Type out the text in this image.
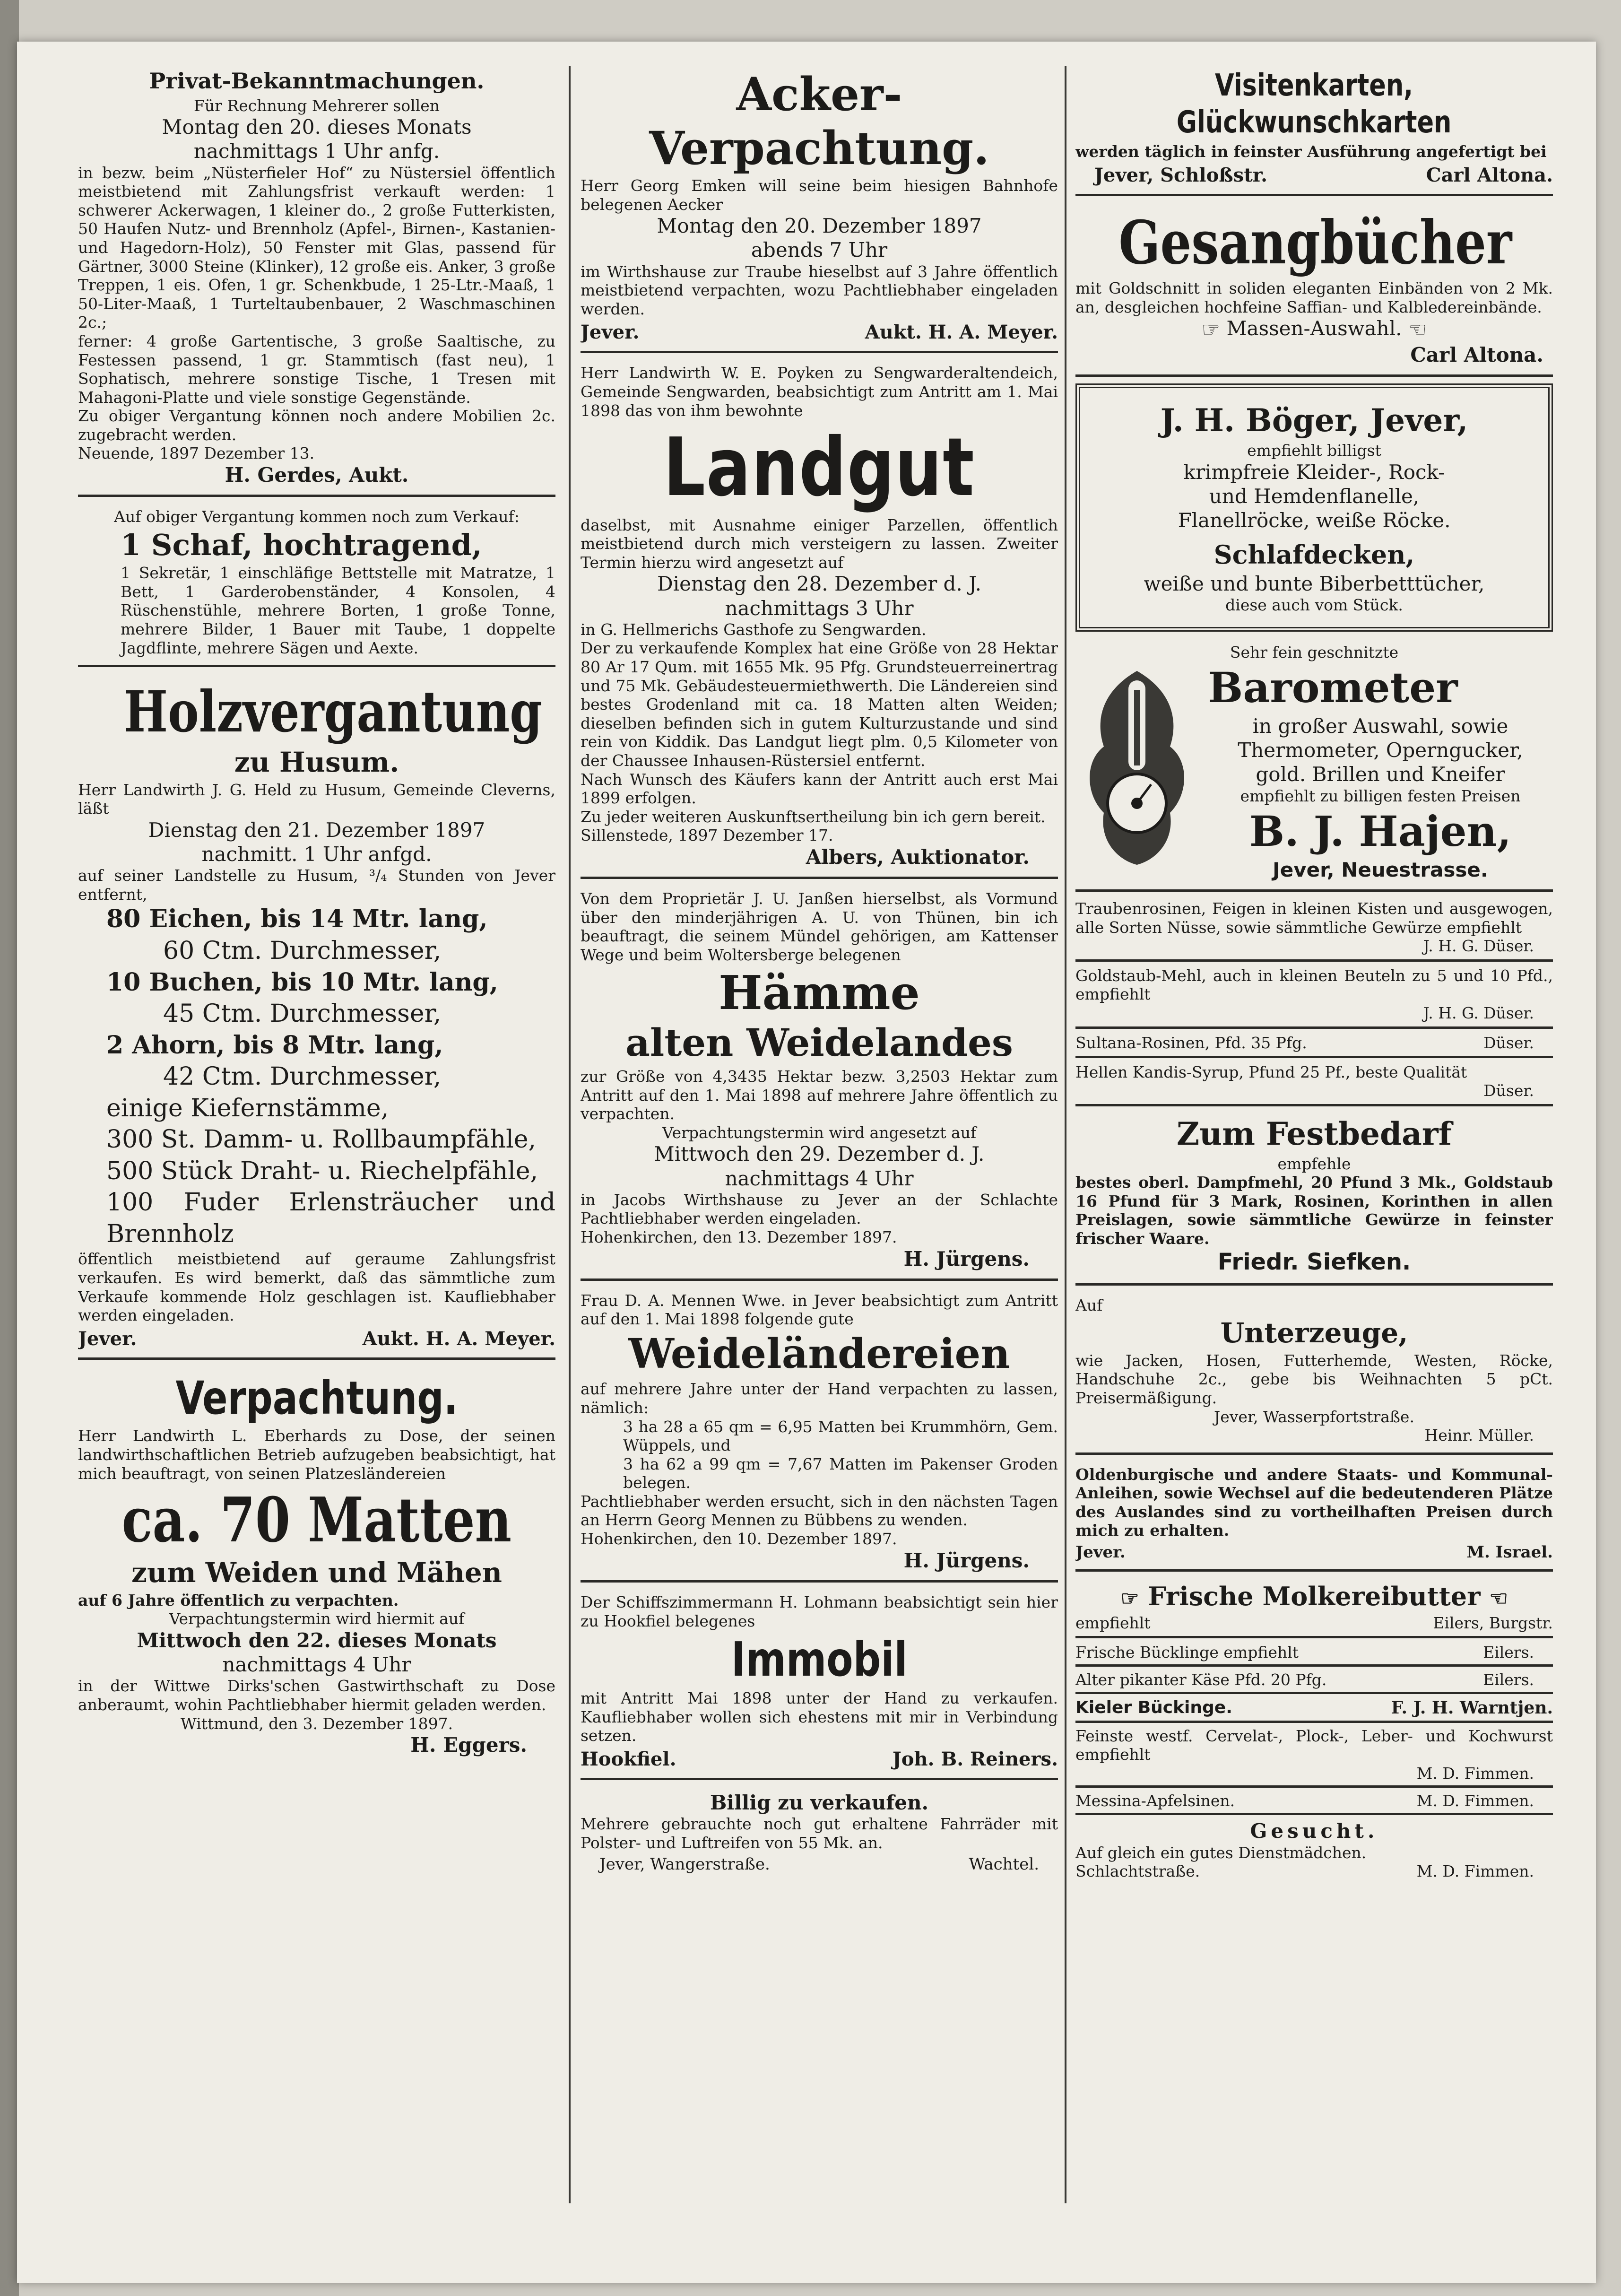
Privat-Bekanntmachungen.

Für Rechnung Mehrerer sollen

Montag den 20. dieses Monats

nachmittags 1 Uhr anfg.

in bezw. beim „Nüsterfieler Hof“ zu Nüstersiel öffentlich meistbietend mit Zahlungsfrist verkauft werden: 1 schwerer Ackerwagen, 1 kleiner do., 2 große Futterkisten, 50 Haufen Nutz- und Brennholz (Apfel-, Birnen-, Kastanien- und Hagedorn-Holz), 50 Fenster mit Glas, passend für Gärtner, 3000 Steine (Klinker), 12 große eis. Anker, 3 große Treppen, 1 eis. Ofen, 1 gr. Schenkbude, 1 25-Ltr.-Maaß, 1 50-Liter-Maaß, 1 Turteltaubenbauer, 2 Waschmaschinen 2c.;

ferner: 4 große Gartentische, 3 große Saaltische, zu Festessen passend, 1 gr. Stammtisch (fast neu), 1 Sophatisch, mehrere sonstige Tische, 1 Tresen mit Mahagoni-Platte und viele sonstige Gegenstände.

Zu obiger Vergantung können noch andere Mobilien 2c. zugebracht werden.

Neuende, 1897 Dezember 13.

H. Gerdes, Aukt.

Auf obiger Vergantung kommen noch zum Verkauf:

1 Schaf, hochtragend,

1 Sekretär, 1 einschläfige Bettstelle mit Matratze, 1 Bett, 1 Garderobenständer, 4 Konsolen, 4 Rüschenstühle, mehrere Borten, 1 große Tonne, mehrere Bilder, 1 Bauer mit Taube, 1 doppelte Jagdflinte, mehrere Sägen und Aexte.

Holzvergantung
zu Husum.

Herr Landwirth J. G. Held zu Husum, Gemeinde Cleverns, läßt

Dienstag den 21. Dezember 1897

nachmitt. 1 Uhr anfgd.

auf seiner Landstelle zu Husum, ³/₄ Stunden von Jever entfernt,

80 Eichen, bis 14 Mtr. lang,

60 Ctm. Durchmesser,

10 Buchen, bis 10 Mtr. lang,

45 Ctm. Durchmesser,

2 Ahorn, bis 8 Mtr. lang,

42 Ctm. Durchmesser,

einige Kiefernstämme,

300 St. Damm- u. Rollbaumpfähle,

500 Stück Draht- u. Riechelpfähle,

100 Fuder Erlensträucher und Brennholz

öffentlich meistbietend auf geraume Zahlungsfrist verkaufen. Es wird bemerkt, daß das sämmtliche zum Verkaufe kommende Holz geschlagen ist. Kaufliebhaber werden eingeladen.

Jever.	Aukt. H. A. Meyer.
Verpachtung.

Herr Landwirth L. Eberhards zu Dose, der seinen landwirthschaftlichen Betrieb aufzugeben beabsichtigt, hat mich beauftragt, von seinen Platzesländereien

ca. 70 Matten
zum Weiden und Mähen

auf 6 Jahre öffentlich zu verpachten.

Verpachtungstermin wird hiermit auf

Mittwoch den 22. dieses Monats

nachmittags 4 Uhr

in der Wittwe Dirks'schen Gastwirthschaft zu Dose anberaumt, wohin Pachtliebhaber hiermit geladen werden.

Wittmund, den 3. Dezember 1897.

H. Eggers.

Acker-
Verpachtung.

Herr Georg Emken will seine beim hiesigen Bahnhofe belegenen Aecker

Montag den 20. Dezember 1897

abends 7 Uhr

im Wirthshause zur Traube hieselbst auf 3 Jahre öffentlich meistbietend verpachten, wozu Pachtliebhaber eingeladen werden.

Jever.	Aukt. H. A. Meyer.

Herr Landwirth W. E. Poyken zu Sengwarderaltendeich, Gemeinde Sengwarden, beabsichtigt zum Antritt am 1. Mai 1898 das von ihm bewohnte

Landgut

daselbst, mit Ausnahme einiger Parzellen, öffentlich meistbietend durch mich versteigern zu lassen. Zweiter Termin hierzu wird angesetzt auf

Dienstag den 28. Dezember d. J.

nachmittags 3 Uhr

in G. Hellmerichs Gasthofe zu Sengwarden.

Der zu verkaufende Komplex hat eine Größe von 28 Hektar 80 Ar 17 Qum. mit 1655 Mk. 95 Pfg. Grundsteuerreinertrag und 75 Mk. Gebäudesteuermiethwerth. Die Ländereien sind bestes Grodenland mit ca. 18 Matten alten Weiden; dieselben befinden sich in gutem Kulturzustande und sind rein von Kiddik. Das Landgut liegt plm. 0,5 Kilometer von der Chaussee Inhausen-Rüstersiel entfernt.

Nach Wunsch des Käufers kann der Antritt auch erst Mai 1899 erfolgen.

Zu jeder weiteren Auskunftsertheilung bin ich gern bereit.

Sillenstede, 1897 Dezember 17.

Albers, Auktionator.

Von dem Proprietär J. U. Janßen hierselbst, als Vormund über den minderjährigen A. U. von Thünen, bin ich beauftragt, die seinem Mündel gehörigen, am Kattenser Wege und beim Woltersberge belegenen

Hämme
alten Weidelandes

zur Größe von 4,3435 Hektar bezw. 3,2503 Hektar zum Antritt auf den 1. Mai 1898 auf mehrere Jahre öffentlich zu verpachten.

Verpachtungstermin wird angesetzt auf

Mittwoch den 29. Dezember d. J.

nachmittags 4 Uhr

in Jacobs Wirthshause zu Jever an der Schlachte Pachtliebhaber werden eingeladen.

Hohenkirchen, den 13. Dezember 1897.

H. Jürgens.

Frau D. A. Mennen Wwe. in Jever beabsichtigt zum Antritt auf den 1. Mai 1898 folgende gute

Weideländereien

auf mehrere Jahre unter der Hand verpachten zu lassen, nämlich:

3 ha 28 a 65 qm = 6,95 Matten bei Krummhörn, Gem. Wüppels, und

3 ha 62 a 99 qm = 7,67 Matten im Pakenser Groden belegen.

Pachtliebhaber werden ersucht, sich in den nächsten Tagen an Herrn Georg Mennen zu Bübbens zu wenden.

Hohenkirchen, den 10. Dezember 1897.

H. Jürgens.

Der Schiffszimmermann H. Lohmann beabsichtigt sein hier zu Hookfiel belegenes

Immobil

mit Antritt Mai 1898 unter der Hand zu verkaufen. Kaufliebhaber wollen sich ehestens mit mir in Verbindung setzen.

Hookfiel.	Joh. B. Reiners.

Billig zu verkaufen.

Mehrere gebrauchte noch gut erhaltene Fahrräder mit Polster- und Luftreifen von 55 Mk. an.

Jever, Wangerstraße.	Wachtel.
Visitenkarten,
Glückwunschkarten

werden täglich in feinster Ausführung angefertigt bei

Jever, Schloßstr.	Carl Altona.
Gesangbücher

mit Goldschnitt in soliden eleganten Einbänden von 2 Mk. an, desgleichen hochfeine Saffian- und Kalbledereinbände.

☞ Massen-Auswahl. ☜

Carl Altona.

J. H. Böger, Jever,

empfiehlt billigst

krimpfreie Kleider-, Rock-

und Hemdenflanelle,

Flanellröcke, weiße Röcke.

Schlafdecken,

weiße und bunte Biberbetttücher,

diese auch vom Stück.

Sehr fein geschnitzte

Barometer

in großer Auswahl, sowie

Thermometer, Operngucker,

gold. Brillen und Kneifer

empfiehlt zu billigen festen Preisen

B. J. Hajen,

Jever, Neuestrasse.

Traubenrosinen, Feigen in kleinen Kisten und ausgewogen, alle Sorten Nüsse, sowie sämmtliche Gewürze empfiehlt

J. H. G. Düser.

Goldstaub-Mehl, auch in kleinen Beuteln zu 5 und 10 Pfd., empfiehlt

J. H. G. Düser.

Sultana-Rosinen, Pfd. 35 Pfg.	Düser.

Hellen Kandis-Syrup, Pfund 25 Pf., beste Qualität

Düser.

Zum Festbedarf

empfehle

bestes oberl. Dampfmehl, 20 Pfund 3 Mk., Goldstaub 16 Pfund für 3 Mark, Rosinen, Korinthen in allen Preislagen, sowie sämmtliche Gewürze in feinster frischer Waare.

Friedr. Siefken.

Auf

Unterzeuge,

wie Jacken, Hosen, Futterhemde, Westen, Röcke, Handschuhe 2c., gebe bis Weihnachten 5 pCt. Preisermäßigung.

Jever, Wasserpfortstraße.

Heinr. Müller.

Oldenburgische und andere Staats- und Kommunal-Anleihen, sowie Wechsel auf die bedeutenderen Plätze des Auslandes sind zu vortheilhaften Preisen durch mich zu erhalten.

Jever.	M. Israel.
☞ Frische Molkereibutter ☜
empfiehlt	Eilers, Burgstr.
Frische Bücklinge empfiehlt	Eilers.
Alter pikanter Käse Pfd. 20 Pfg.	Eilers.
Kieler Bückinge.	F. J. H. Warntjen.

Feinste westf. Cervelat-, Plock-, Leber- und Kochwurst empfiehlt

M. D. Fimmen.

Messina-Apfelsinen.	M. D. Fimmen.

Gesucht.

Auf gleich ein gutes Dienstmädchen.

Schlachtstraße.	M. D. Fimmen.
